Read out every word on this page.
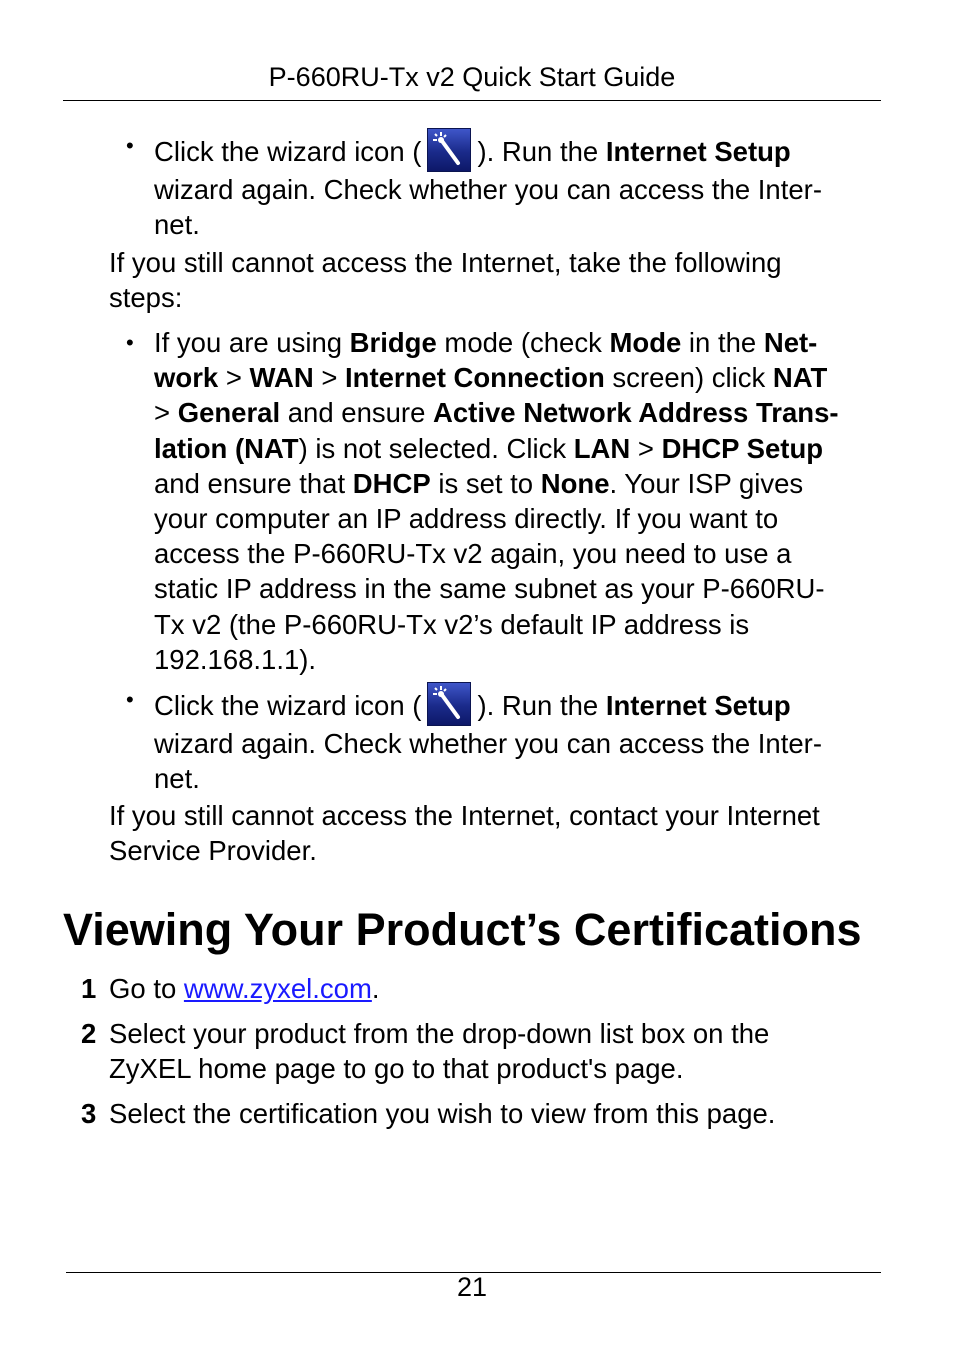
P-660RU-Tx v2 Quick Start Guide
• Click the wizard icon ( ). Run the Internet Setup
wizard again. Check whether you can access the Inter-
net.
If you still cannot access the Internet, take the following
steps:
• If you are using Bridge mode (check Mode in the Net-
work > WAN > Internet Connection screen) click NAT
> General and ensure Active Network Address Trans-
lation (NAT) is not selected. Click LAN > DHCP Setup
and ensure that DHCP is set to None. Your ISP gives
your computer an IP address directly. If you want to
access the P-660RU-Tx v2 again, you need to use a
static IP address in the same subnet as your P-660RU-
Tx v2 (the P-660RU-Tx v2’s default IP address is
192.168.1.1).
• Click the wizard icon ( ). Run the Internet Setup
wizard again. Check whether you can access the Inter-
net.
If you still cannot access the Internet, contact your Internet
Service Provider.
Viewing Your Product’s Certifications
1 Go to www.zyxel.com.
2 Select your product from the drop-down list box on the
ZyXEL home page to go to that product's page.
3 Select the certification you wish to view from this page.
21
